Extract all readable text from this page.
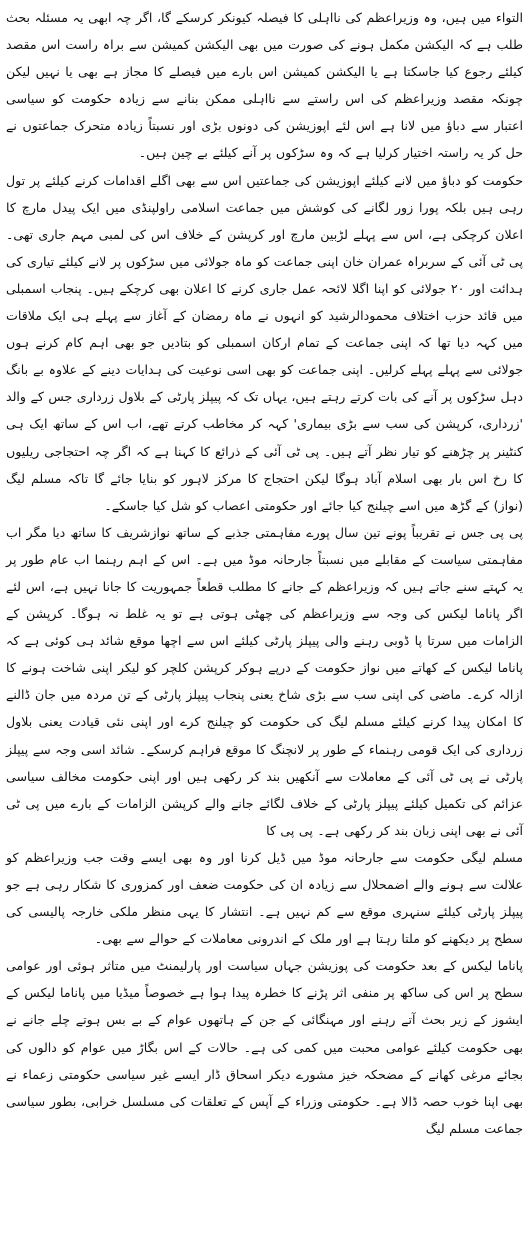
التواء میں ہیں، وہ وزیراعظم کی نااہلی کا فیصلہ کیونکر کرسکے گا، اگر چہ ابھی یہ مسئلہ بحث طلب ہے کہ الیکشن مکمل ہونے کی صورت میں بھی الیکشن کمیشن سے براہ راست اس مقصد کیلئے رجوع کیا جاسکتا ہے یا الیکشن کمیشن اس بارے میں فیصلے کا مجاز ہے بھی یا نہیں لیکن چونکہ مقصد وزیراعظم کی اس راستے سے نااہلی ممکن بنانے سے زیادہ حکومت کو سیاسی اعتبار سے دباؤ میں لانا ہے اس لئے اپوزیشن کی دونوں بڑی اور نسبتاً زیادہ متحرک جماعتوں نے حل کر یہ راستہ اختیار کرلیا ہے کہ وہ سڑکوں پر آنے کیلئے بے چین ہیں۔

حکومت کو دباؤ میں لانے کیلئے اپوزیشن کی جماعتیں اس سے بھی اگلے اقدامات کرنے کیلئے پر تول رہی ہیں بلکہ پورا زور لگانے کی کوشش میں جماعت اسلامی راولپنڈی میں ایک پیدل مارچ کا اعلان کرچکی ہے، اس سے پہلے لڑبین مارچ اور کرپشن کے خلاف اس کی لمبی مہم جاری تھی۔ پی ٹی آئی کے سربراہ عمران خان اپنی جماعت کو ماہ جولائی میں سڑکوں پر لانے کیلئے تیاری کی ہدائت اور ۲۰ جولائی کو اپنا اگلا لائحہ عمل جاری کرنے کا اعلان بھی کرچکے ہیں۔ پنجاب اسمبلی میں قائد حزب اختلاف محمودالرشید کو انہوں نے ماہ رمضان کے آغاز سے پہلے ہی ایک ملاقات میں کہہ دیا تھا کہ اپنی جماعت کے تمام ارکان اسمبلی کو بتادیں جو بھی اہم کام کرنے ہوں جولائی سے پہلے پہلے کرلیں۔ اپنی جماعت کو بھی اسی نوعیت کی ہدایات دینے کے علاوہ بے بانگ دہل سڑکوں پر آنے کی بات کرتے رہتے ہیں، یہاں تک کہ پیپلز پارٹی کے بلاول زرداری جس کے والد 'زرداری، کرپشن کی سب سے بڑی بیماری' کہہ کر مخاطب کرتے تھے، اب اس کے ساتھ ایک ہی کنٹینر پر چڑھنے کو تیار نظر آتے ہیں۔ پی ٹی آئی کے ذرائع کا کہنا ہے کہ اگر چہ احتجاجی ریلیوں کا رخ اس بار بھی اسلام آباد ہوگا لیکن احتجاج کا مرکز لاہور کو بنایا جائے گا تاکہ مسلم لیگ (نواز) کے گڑھ میں اسے چیلنج کیا جائے اور حکومتی اعصاب کو شل کیا جاسکے۔

پی پی جس نے تقریباً پونے تین سال پورے مفاہمتی جذبے کے ساتھ نوازشریف کا ساتھ دیا مگر اب مفاہمتی سیاست کے مقابلے میں نسبتاً جارحانہ موڈ میں ہے۔ اس کے اہم رہنما اب عام طور پر یہ کہتے سنے جاتے ہیں کہ وزیراعظم کے جانے کا مطلب قطعاً جمہوریت کا جانا نہیں ہے، اس لئے اگر پاناما لیکس کی وجہ سے وزیراعظم کی چھٹی ہوتی ہے تو یہ غلط نہ ہوگا۔ کرپشن کے الزامات میں سرتا پا ڈوبی رہنے والی پیپلز پارٹی کیلئے اس سے اچھا موقع شائد ہی کوئی ہے کہ پاناما لیکس کے کھاتے میں نواز حکومت کے درپے ہوکر کرپشن کلچر کو لیکر اپنی شاخت ہونے کا ازالہ کرے۔ ماضی کی اپنی سب سے بڑی شاخ یعنی پنجاب پیپلز پارٹی کے تن مردہ میں جان ڈالنے کا امکان پیدا کرنے کیلئے مسلم لیگ کی حکومت کو چیلنج کرے اور اپنی نئی قیادت یعنی بلاول زرداری کی ایک قومی رہنماء کے طور پر لانچنگ کا موقع فراہم کرسکے۔ شائد اسی وجہ سے پیپلز پارٹی نے پی ٹی آئی کے معاملات سے آنکھیں بند کر رکھی ہیں اور اپنی حکومت مخالف سیاسی عزائم کی تکمیل کیلئے پیپلز پارٹی کے خلاف لگائے جانے والے کرپشن الزامات کے بارے میں پی ٹی آئی نے بھی اپنی زبان بند کر رکھی ہے۔ پی پی کا

مسلم لیگی حکومت سے جارحانہ موڈ میں ڈیل کرنا اور وہ بھی ایسے وقت جب وزیراعظم کو علالت سے ہونے والے اضمحلال سے زیادہ ان کی حکومت ضعف اور کمزوری کا شکار رہی ہے جو پیپلز پارٹی کیلئے سنہری موقع سے کم نہیں ہے۔ انتشار کا یہی منظر ملکی خارجہ پالیسی کی سطح پر دیکھنے کو ملتا رہتا ہے اور ملک کے اندرونی معاملات کے حوالے سے بھی۔

پاناما لیکس کے بعد حکومت کی پوزیشن جہاں سیاست اور پارلیمنٹ میں متاثر ہوئی اور عوامی سطح پر اس کی ساکھ پر منفی اثر پڑنے کا خطرہ پیدا ہوا ہے خصوصاً میڈیا میں پاناما لیکس کے ایشوز کے زیر بحث آتے رہنے اور مہنگائی کے جن کے ہاتھوں عوام کے بے بس ہوتے چلے جانے نے بھی حکومت کیلئے عوامی محبت میں کمی کی ہے۔ حالات کے اس بگاڑ میں عوام کو دالوں کی بجائے مرغی کھانے کے مضحکہ خیز مشورے دیکر اسحاق ڈار ایسے غیر سیاسی حکومتی زعماء نے بھی اپنا خوب حصہ ڈالا ہے۔ حکومتی وزراء کے آپس کے تعلقات کی مسلسل خرابی، بطور سیاسی جماعت مسلم لیگ
